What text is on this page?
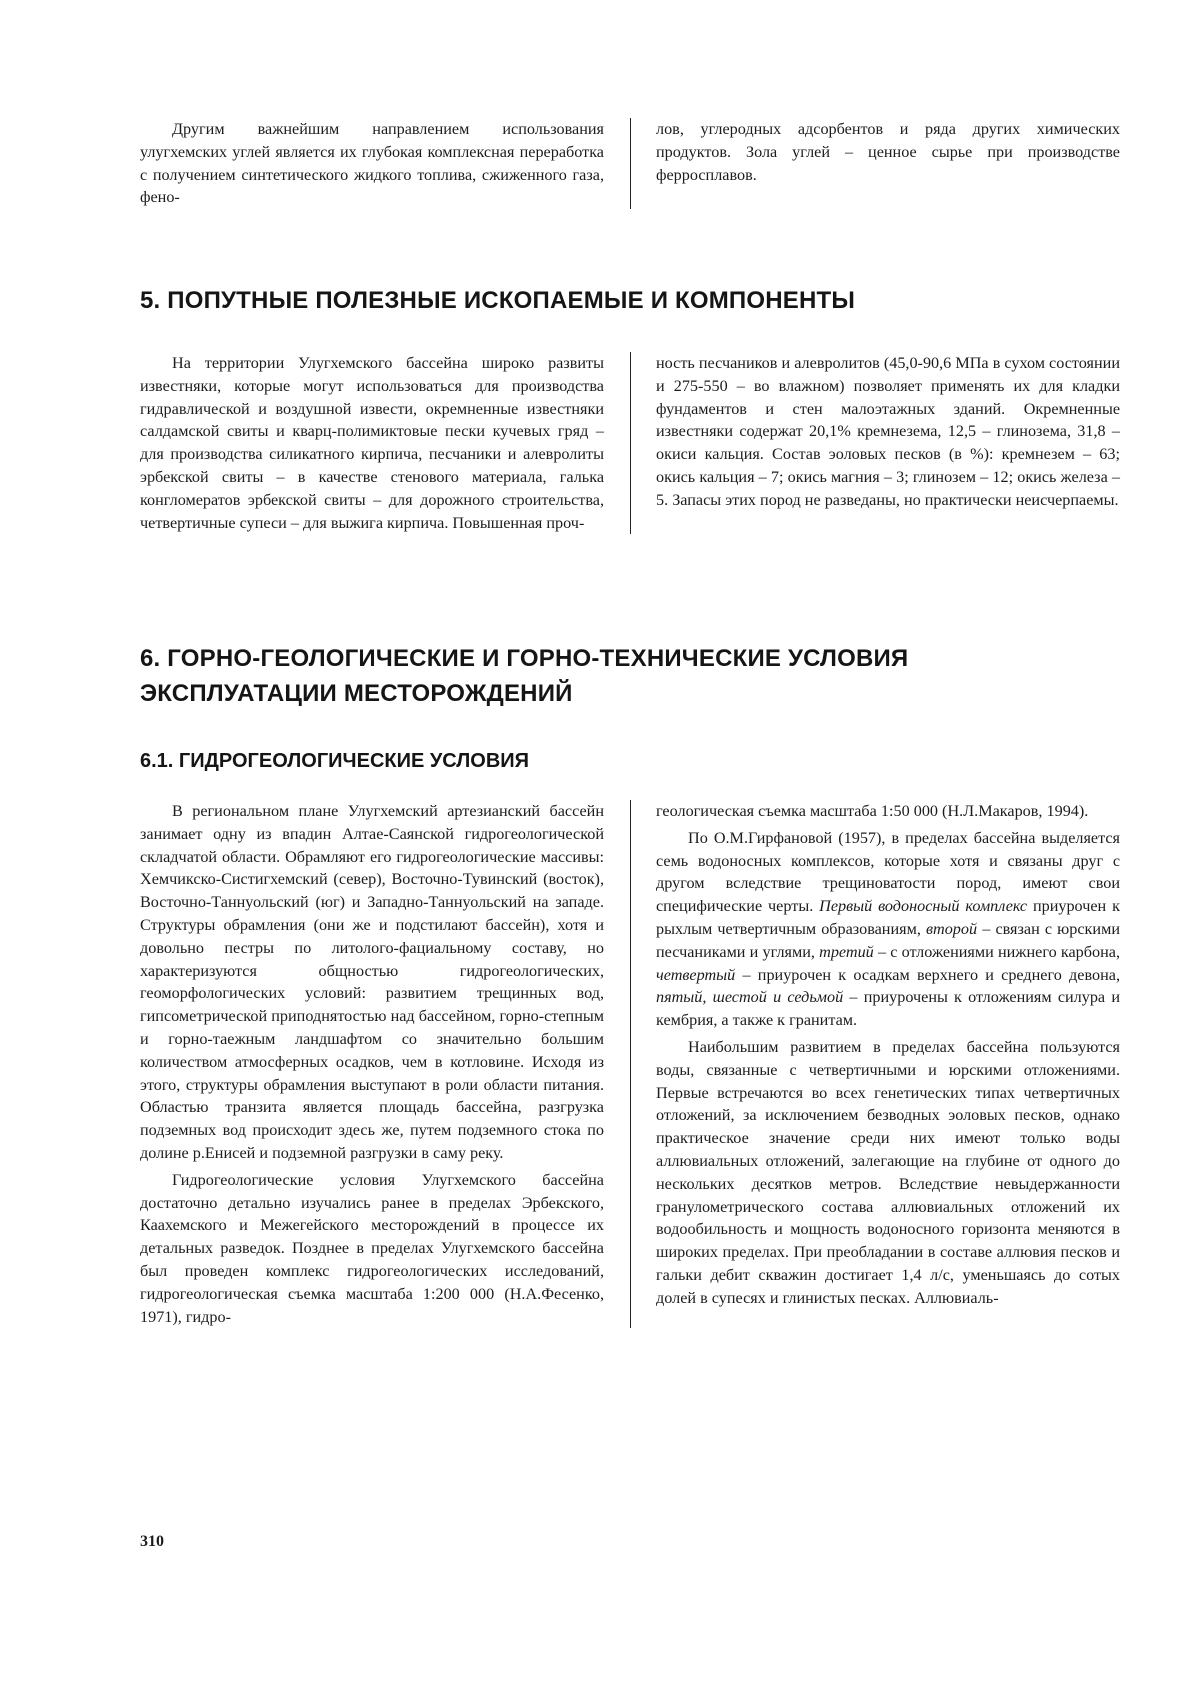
Другим важнейшим направлением использования улугхемских углей является их глубокая комплексная переработка с получением синтетического жидкого топлива, сжиженного газа, фено-

лов, углеродных адсорбентов и ряда других химических продуктов. Зола углей – ценное сырье при производстве ферросплавов.

5. ПОПУТНЫЕ ПОЛЕЗНЫЕ ИСКОПАЕМЫЕ И КОМПОНЕНТЫ

На территории Улугхемского бассейна широко развиты известняки, которые могут использоваться для производства гидравлической и воздушной извести, окремненные известняки салдамской свиты и кварц-полимиктовые пески кучевых гряд – для производства силикатного кирпича, песчаники и алевролиты эрбекской свиты – в качестве стенового материала, галька конгломератов эрбекской свиты – для дорожного строительства, четвертичные супеси – для выжига кирпича. Повышенная проч-

ность песчаников и алевролитов (45,0-90,6 МПа в сухом состоянии и 275-550 – во влажном) позволяет применять их для кладки фундаментов и стен малоэтажных зданий. Окремненные известняки содержат 20,1% кремнезема, 12,5 – глинозема, 31,8 – окиси кальция. Состав эоловых песков (в %): кремнезем – 63; окись кальция – 7; окись магния – 3; глинозем – 12; окись железа – 5. Запасы этих пород не разведаны, но практически неисчерпаемы.

6. ГОРНО-ГЕОЛОГИЧЕСКИЕ И ГОРНО-ТЕХНИЧЕСКИЕ УСЛОВИЯ
ЭКСПЛУАТАЦИИ МЕСТОРОЖДЕНИЙ
6.1. ГИДРОГЕОЛОГИЧЕСКИЕ УСЛОВИЯ

В региональном плане Улугхемский артезианский бассейн занимает одну из впадин Алтае-Саянской гидрогеологической складчатой области. Обрамляют его гидрогеологические массивы: Хемчикско-Систигхемский (север), Восточно-Тувинский (восток), Восточно-Таннуольский (юг) и Западно-Таннуольский на западе. Структуры обрамления (они же и подстилают бассейн), хотя и довольно пестры по литолого-фациальному составу, но характеризуются общностью гидрогеологических, геоморфологических условий: развитием трещинных вод, гипсометрической приподнятостью над бассейном, горно-степным и горно-таежным ландшафтом со значительно большим количеством атмосферных осадков, чем в котловине. Исходя из этого, структуры обрамления выступают в роли области питания. Областью транзита является площадь бассейна, разгрузка подземных вод происходит здесь же, путем подземного стока по долине р.Енисей и подземной разгрузки в саму реку.

Гидрогеологические условия Улугхемского бассейна достаточно детально изучались ранее в пределах Эрбекского, Каахемского и Межегейского месторождений в процессе их детальных разведок. Позднее в пределах Улугхемского бассейна был проведен комплекс гидрогеологических исследований, гидрогеологическая съемка масштаба 1:200 000 (Н.А.Фесенко, 1971), гидро-

геологическая съемка масштаба 1:50 000 (Н.Л.Макаров, 1994).

По О.М.Гирфановой (1957), в пределах бассейна выделяется семь водоносных комплексов, которые хотя и связаны друг с другом вследствие трещиноватости пород, имеют свои специфические черты. Первый водоносный комплекс приурочен к рыхлым четвертичным образованиям, второй – связан с юрскими песчаниками и углями, третий – с отложениями нижнего карбона, четвертый – приурочен к осадкам верхнего и среднего девона, пятый, шестой и седьмой – приурочены к отложениям силура и кембрия, а также к гранитам.

Наибольшим развитием в пределах бассейна пользуются воды, связанные с четвертичными и юрскими отложениями. Первые встречаются во всех генетических типах четвертичных отложений, за исключением безводных эоловых песков, однако практическое значение среди них имеют только воды аллювиальных отложений, залегающие на глубине от одного до нескольких десятков метров. Вследствие невыдержанности гранулометрического состава аллювиальных отложений их водообильность и мощность водоносного горизонта меняются в широких пределах. При преобладании в составе аллювия песков и гальки дебит скважин достигает 1,4 л/с, уменьшаясь до сотых долей в супесях и глинистых песках. Аллювиаль-

310
